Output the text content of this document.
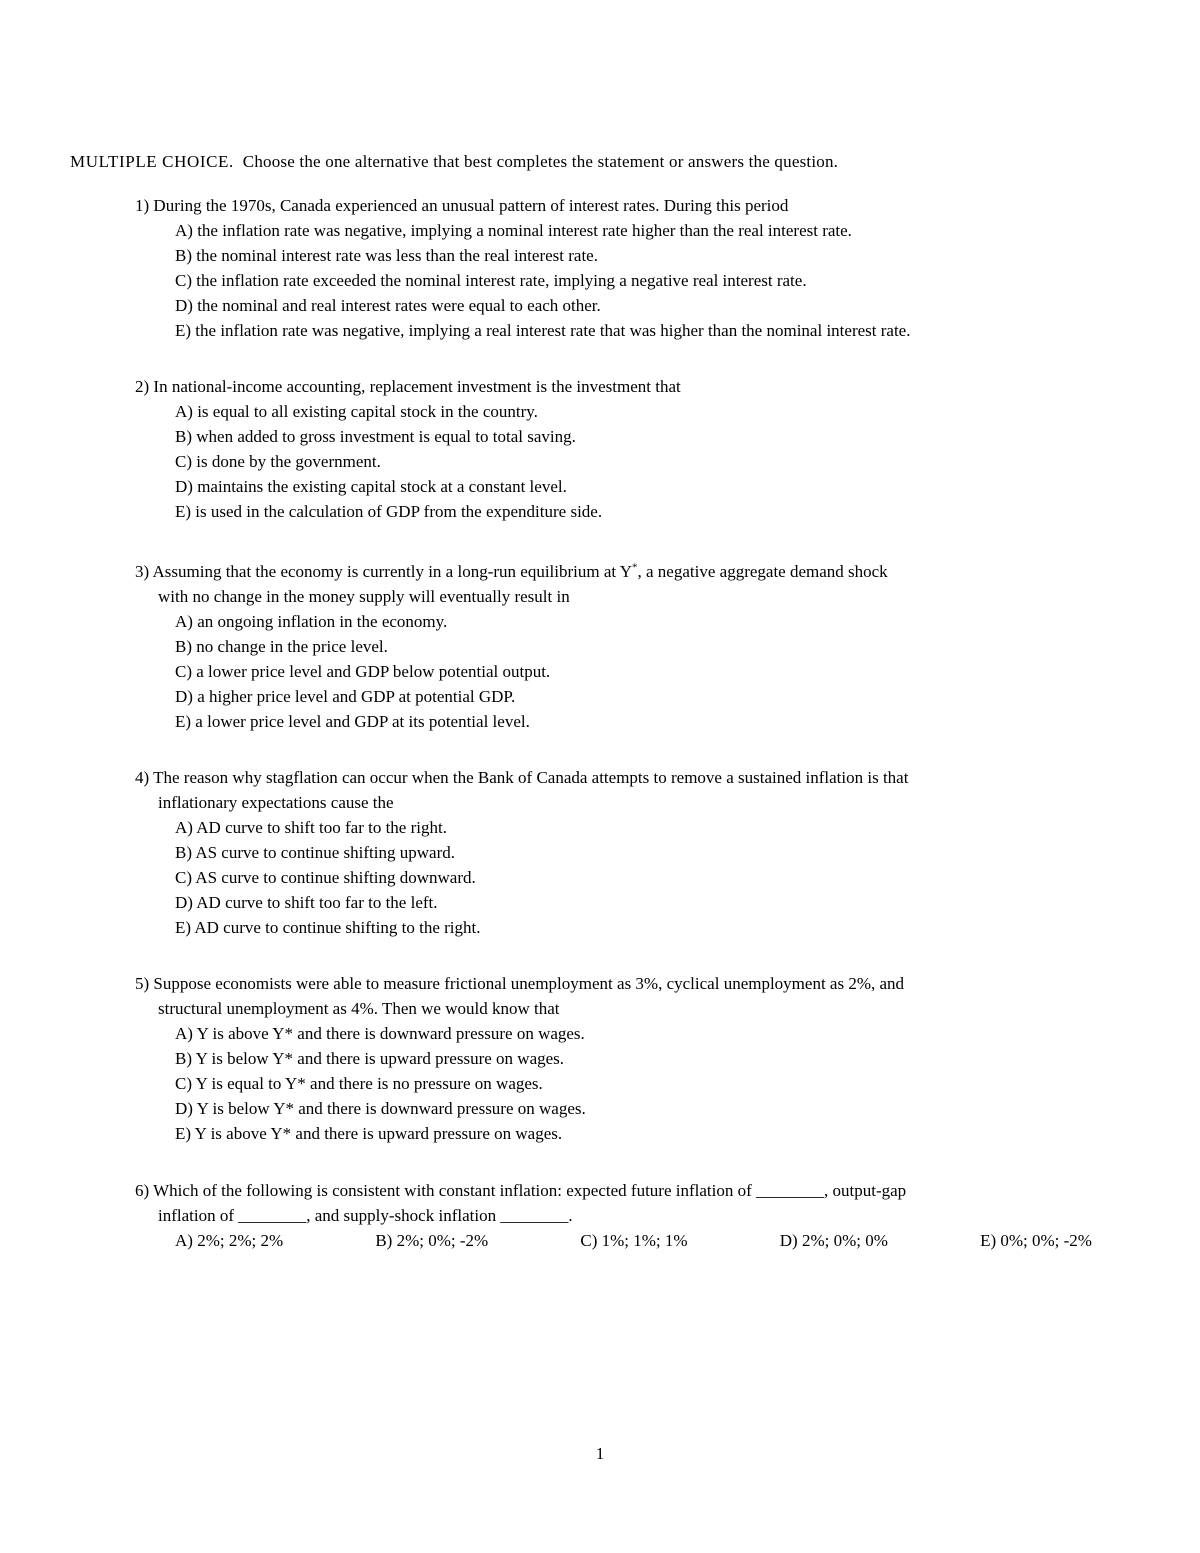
MULTIPLE CHOICE. Choose the one alternative that best completes the statement or answers the question.
1) During the 1970s, Canada experienced an unusual pattern of interest rates. During this period
A) the inflation rate was negative, implying a nominal interest rate higher than the real interest rate.
B) the nominal interest rate was less than the real interest rate.
C) the inflation rate exceeded the nominal interest rate, implying a negative real interest rate.
D) the nominal and real interest rates were equal to each other.
E) the inflation rate was negative, implying a real interest rate that was higher than the nominal interest rate.
2) In national-income accounting, replacement investment is the investment that
A) is equal to all existing capital stock in the country.
B) when added to gross investment is equal to total saving.
C) is done by the government.
D) maintains the existing capital stock at a constant level.
E) is used in the calculation of GDP from the expenditure side.
3) Assuming that the economy is currently in a long-run equilibrium at Y*, a negative aggregate demand shock
with no change in the money supply will eventually result in
A) an ongoing inflation in the economy.
B) no change in the price level.
C) a lower price level and GDP below potential output.
D) a higher price level and GDP at potential GDP.
E) a lower price level and GDP at its potential level.
4) The reason why stagflation can occur when the Bank of Canada attempts to remove a sustained inflation is that
inflationary expectations cause the
A) AD curve to shift too far to the right.
B) AS curve to continue shifting upward.
C) AS curve to continue shifting downward.
D) AD curve to shift too far to the left.
E) AD curve to continue shifting to the right.
5) Suppose economists were able to measure frictional unemployment as 3%, cyclical unemployment as 2%, and
structural unemployment as 4%. Then we would know that
A) Y is above Y* and there is downward pressure on wages.
B) Y is below Y* and there is upward pressure on wages.
C) Y is equal to Y* and there is no pressure on wages.
D) Y is below Y* and there is downward pressure on wages.
E) Y is above Y* and there is upward pressure on wages.
6) Which of the following is consistent with constant inflation: expected future inflation of ________, output-gap
inflation of ________, and supply-shock inflation ________.
A) 2%; 2%; 2%	B) 2%; 0%; -2%	C) 1%; 1%; 1%	D) 2%; 0%; 0%	E) 0%; 0%; -2%
1
